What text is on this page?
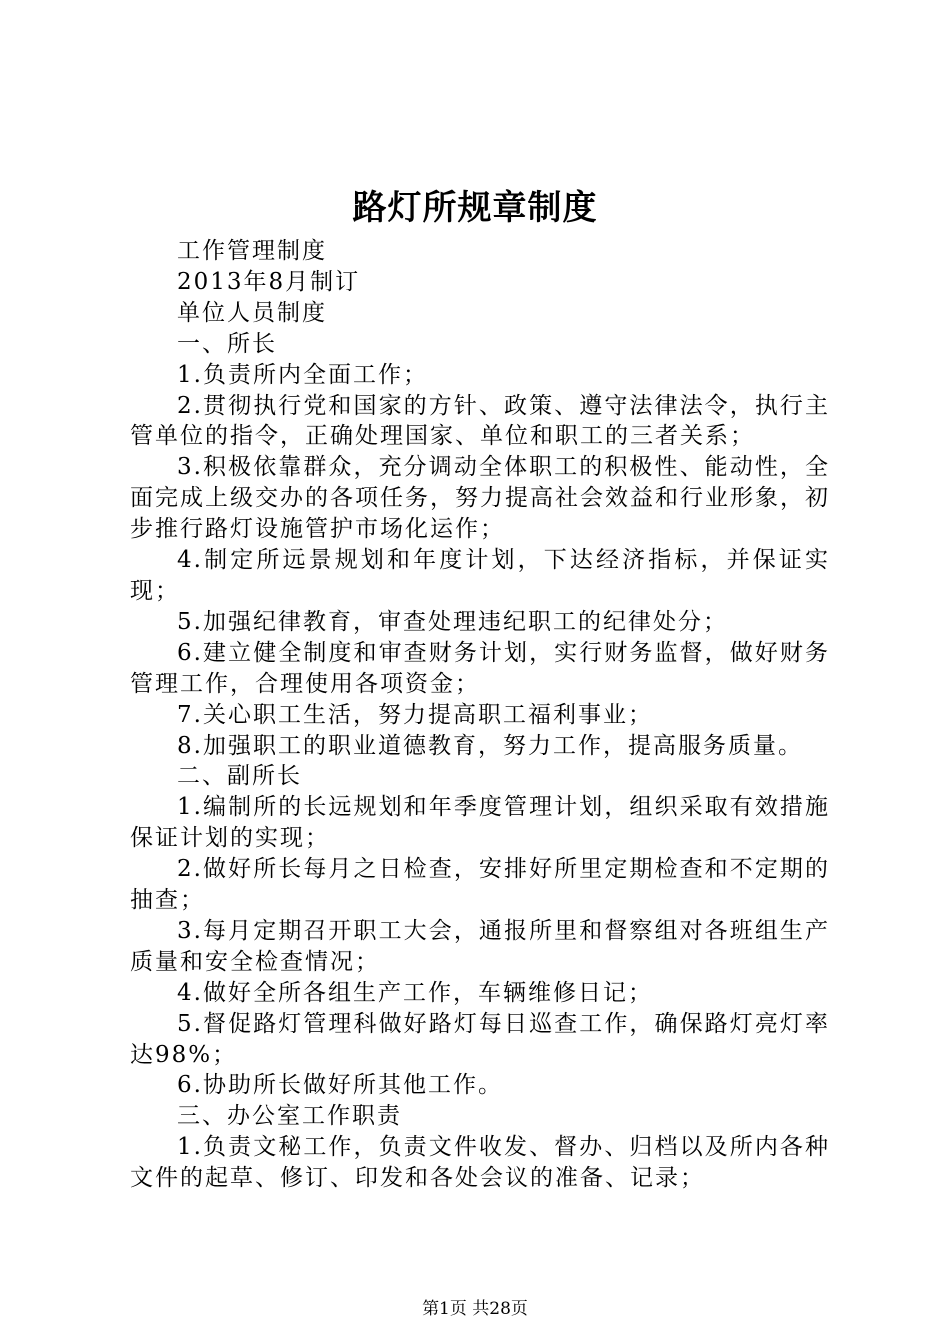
路灯所规章制度

工作管理制度

2013年8月制订

单位人员制度

一、所长

1.负责所内全面工作；

2.贯彻执行党和国家的方针、政策、遵守法律法令，执行主管单位的指令，正确处理国家、单位和职工的三者关系；

3.积极依靠群众，充分调动全体职工的积极性、能动性，全面完成上级交办的各项任务，努力提高社会效益和行业形象，初步推行路灯设施管护市场化运作；

4.制定所远景规划和年度计划，下达经济指标，并保证实现；

5.加强纪律教育，审查处理违纪职工的纪律处分；

6.建立健全制度和审查财务计划，实行财务监督，做好财务管理工作，合理使用各项资金；

7.关心职工生活，努力提高职工福利事业；

8.加强职工的职业道德教育，努力工作，提高服务质量。

二、副所长

1.编制所的长远规划和年季度管理计划，组织采取有效措施保证计划的实现；

2.做好所长每月之日检查，安排好所里定期检查和不定期的抽查；

3.每月定期召开职工大会，通报所里和督察组对各班组生产质量和安全检查情况；

4.做好全所各组生产工作，车辆维修日记；

5.督促路灯管理科做好路灯每日巡查工作，确保路灯亮灯率达98%；

6.协助所长做好所其他工作。

三、办公室工作职责

1.负责文秘工作，负责文件收发、督办、归档以及所内各种文件的起草、修订、印发和各处会议的准备、记录；

第1页 共28页
